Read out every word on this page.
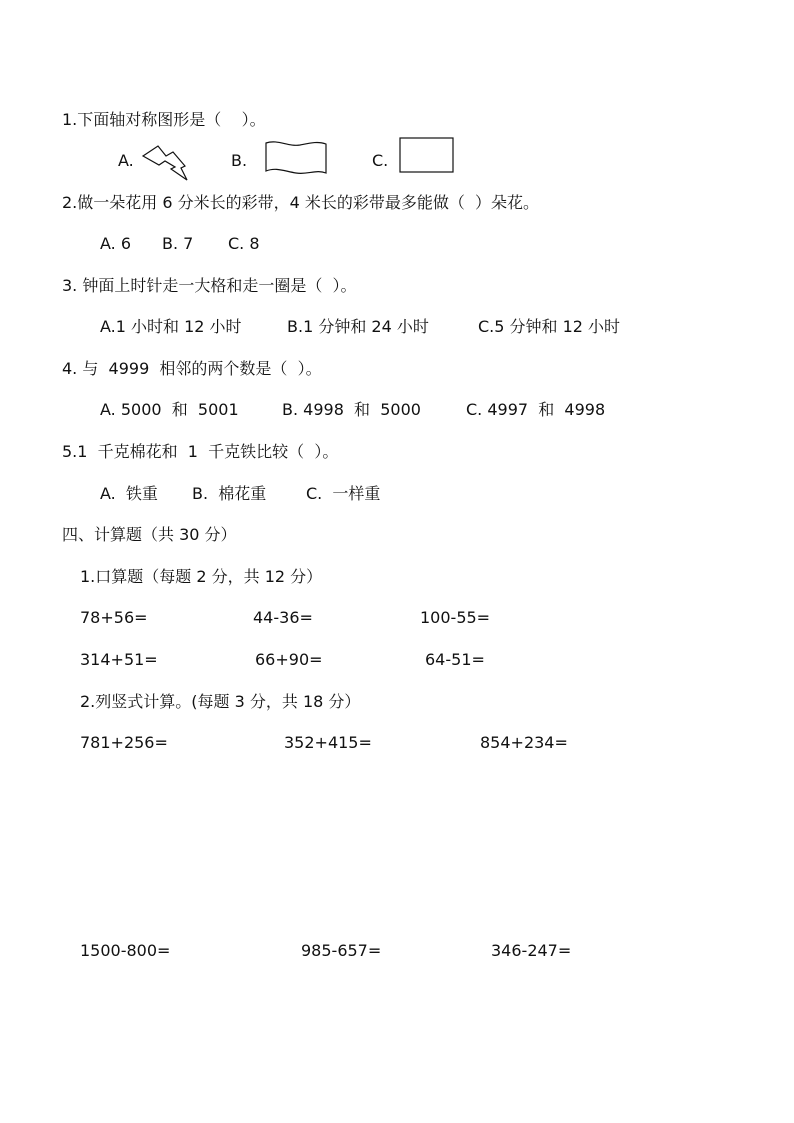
1.下面轴对称图形是（    ）。
A.	B.	C.
2.做一朵花用 6 分米长的彩带，4 米长的彩带最多能做（  ）朵花。
A. 6 B. 7 C. 8
3. 钟面上时针走一大格和走一圈是（  ）。
A.1 小时和 12 小时	B.1 分钟和 24 小时	C.5 分钟和 12 小时
4. 与  4999  相邻的两个数是（  ）。
A. 5000  和  5001	B. 4998  和  5000	C. 4997  和  4998
5.1  千克棉花和  1  千克铁比较（  ）。
A.  铁重 B.  棉花重 C.  一样重
四、计算题（共 30 分）
1.口算题（每题 2 分，共 12 分）
78+56=	44-36=	100-55=
314+51=	66+90=	64-51=
2.列竖式计算。(每题 3 分，共 18 分）
781+256=	352+415=	854+234=
1500-800=	985-657=	346-247=
